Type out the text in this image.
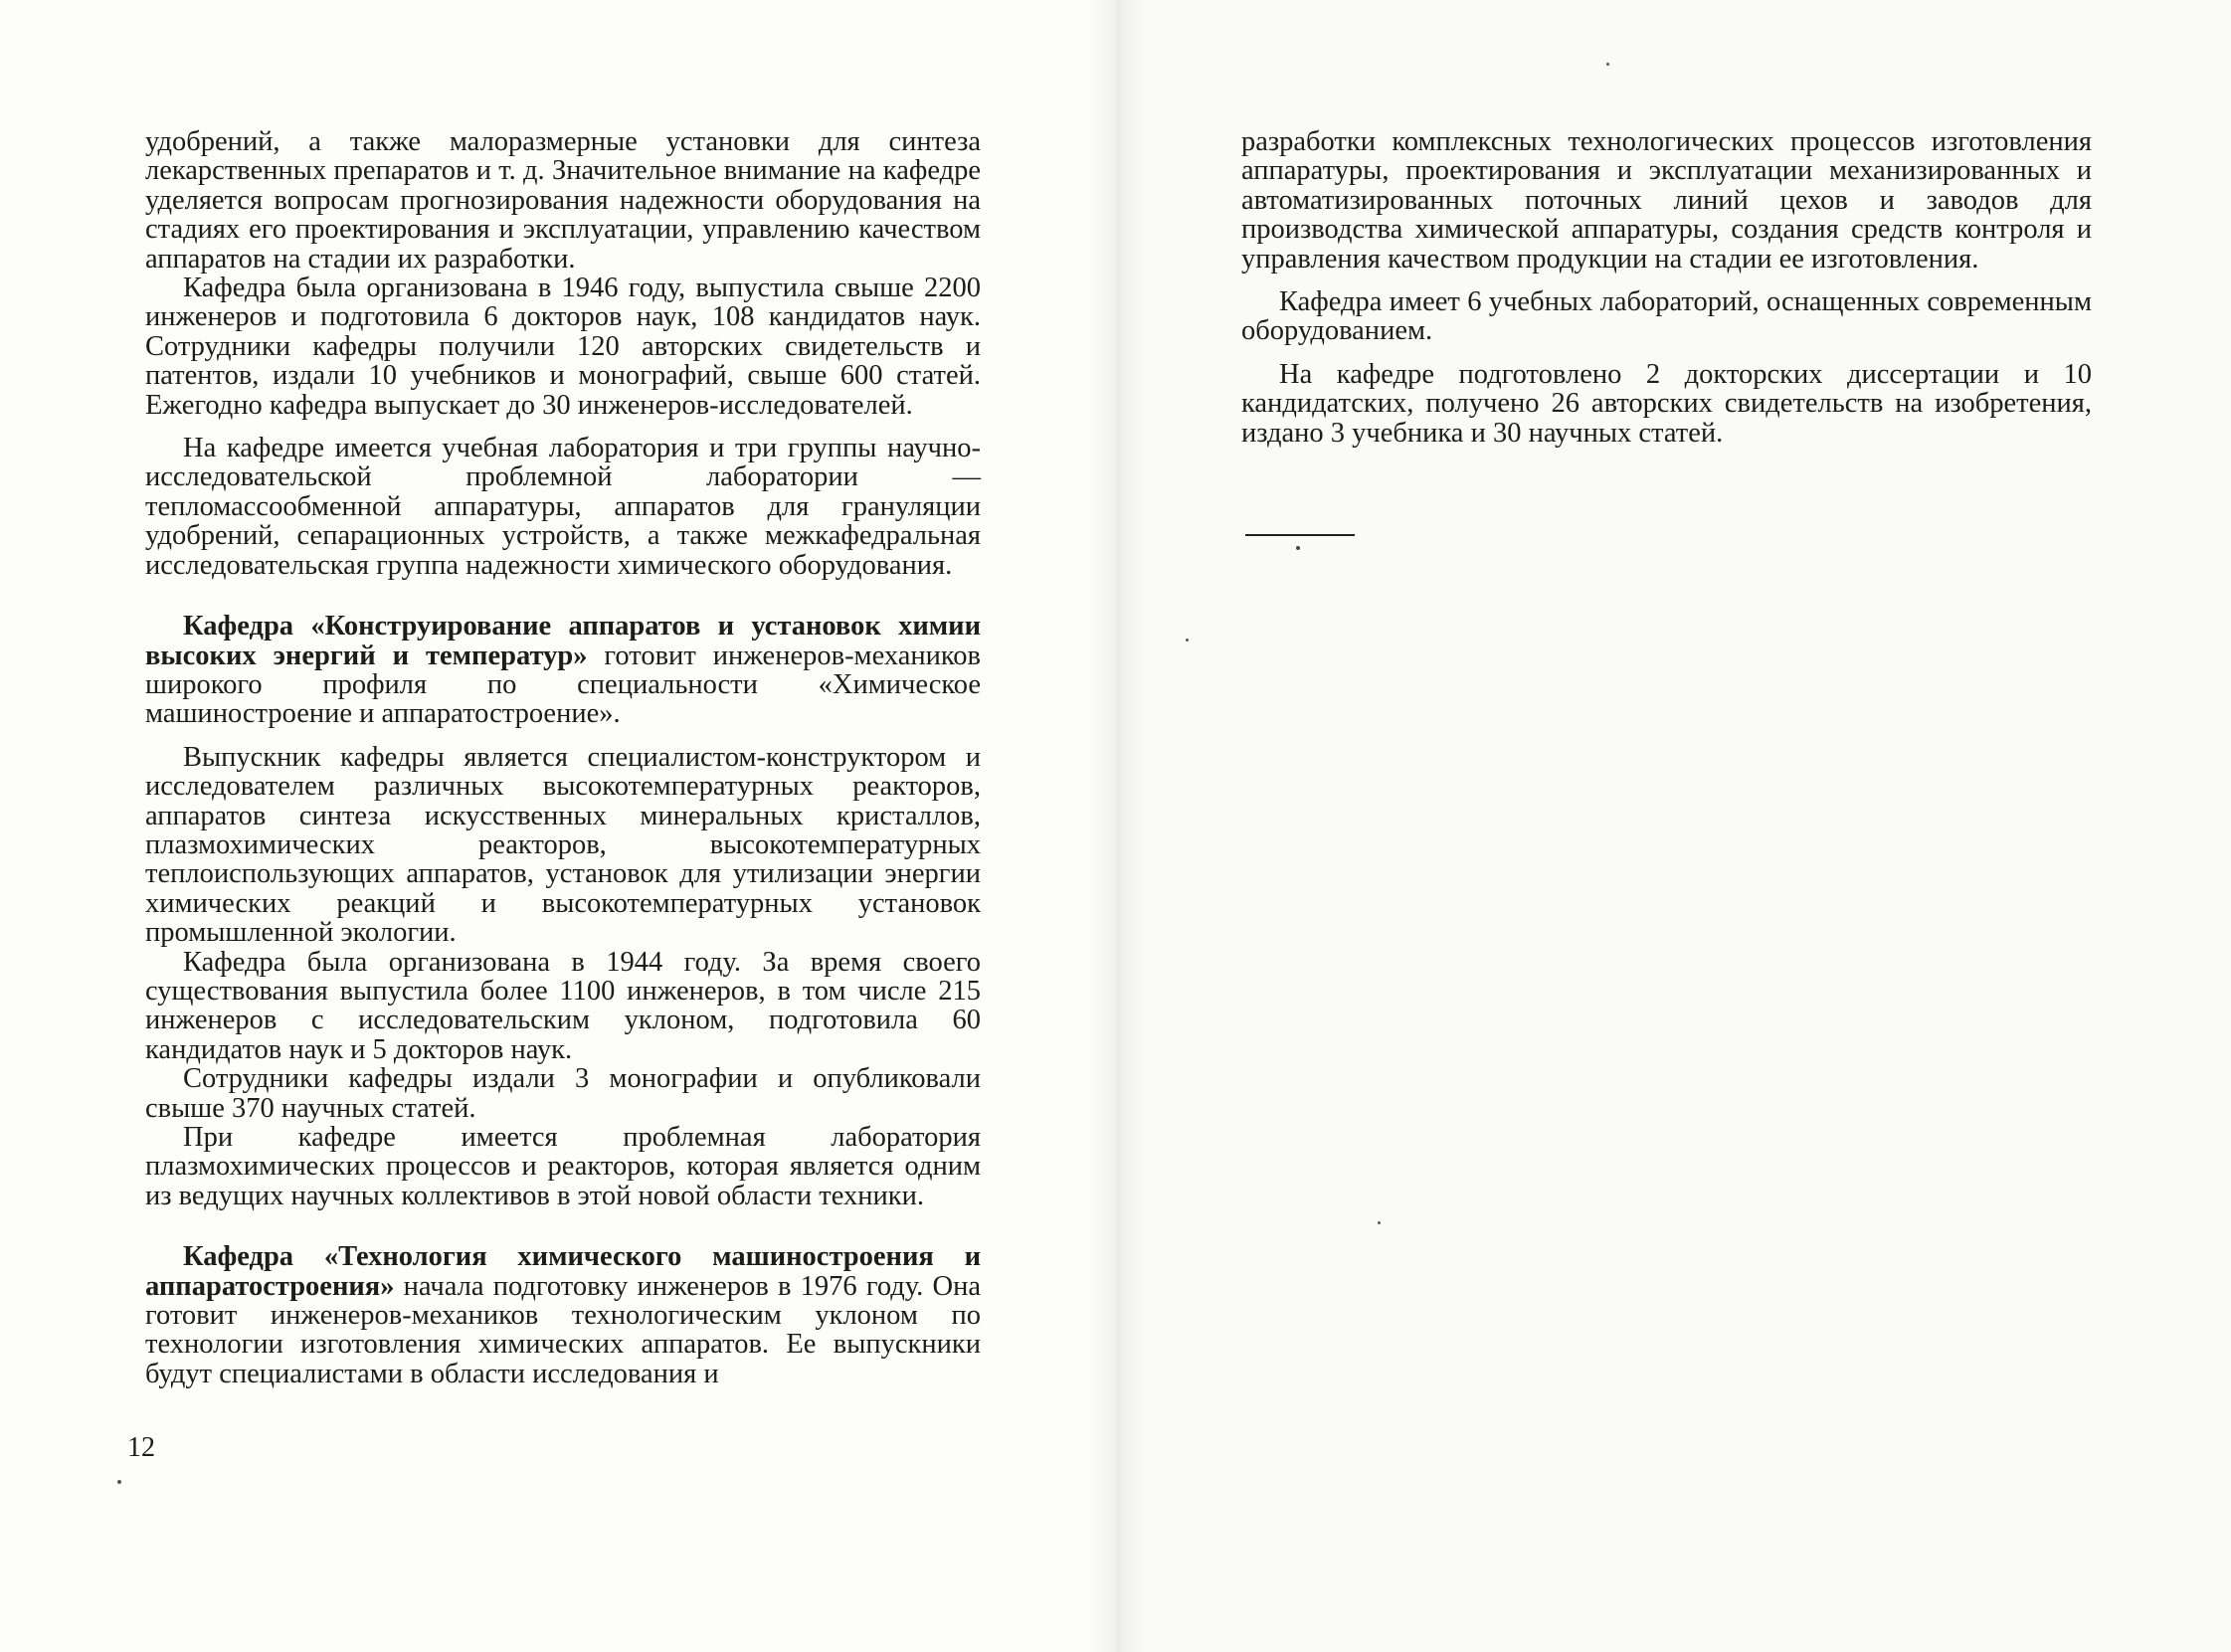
удобрений, а также малоразмерные установки для синтеза лекарственных препаратов и т. д. Значительное внимание на кафедре уделяется вопросам прогнозирования надежности оборудования на стадиях его проектирования и эксплуатации, управлению качеством аппаратов на стадии их разработки.

Кафедра была организована в 1946 году, выпустила свыше 2200 инженеров и подготовила 6 докторов наук, 108 кандидатов наук. Сотрудники кафедры получили 120 авторских свидетельств и патентов, издали 10 учебников и монографий, свыше 600 статей. Ежегодно кафедра выпускает до 30 инженеров-исследователей.

На кафедре имеется учебная лаборатория и три группы научно-исследовательской проблемной лаборатории — тепломассообменной аппаратуры, аппаратов для грануляции удобрений, сепарационных устройств, а также межкафедральная исследовательская группа надежности химического оборудования.

Кафедра «Конструирование аппаратов и установок химии высоких энергий и температур» готовит инженеров-механиков широкого профиля по специальности «Химическое машиностроение и аппаратостроение».

Выпускник кафедры является специалистом-конструктором и исследователем различных высокотемпературных реакторов, аппаратов синтеза искусственных минеральных кристаллов, плазмохимических реакторов, высокотемпературных теплоиспользующих аппаратов, установок для утилизации энергии химических реакций и высокотемпературных установок промышленной экологии.

Кафедра была организована в 1944 году. За время своего существования выпустила более 1100 инженеров, в том числе 215 инженеров с исследовательским уклоном, подготовила 60 кандидатов наук и 5 докторов наук.

Сотрудники кафедры издали 3 монографии и опубликовали свыше 370 научных статей.

При кафедре имеется проблемная лаборатория плазмохимических процессов и реакторов, которая является одним из ведущих научных коллективов в этой новой области техники.

Кафедра «Технология химического машиностроения и аппаратостроения» начала подготовку инженеров в 1976 году. Она готовит инженеров-механиков технологическим уклоном по технологии изготовления химических аппаратов. Ее выпускники будут специалистами в области исследования и

12

разработки комплексных технологических процессов изготовления аппаратуры, проектирования и эксплуатации механизированных и автоматизированных поточных линий цехов и заводов для производства химической аппаратуры, создания средств контроля и управления качеством продукции на стадии ее изготовления.

Кафедра имеет 6 учебных лабораторий, оснащенных современным оборудованием.

На кафедре подготовлено 2 докторских диссертации и 10 кандидатских, получено 26 авторских свидетельств на изобретения, издано 3 учебника и 30 научных статей.
